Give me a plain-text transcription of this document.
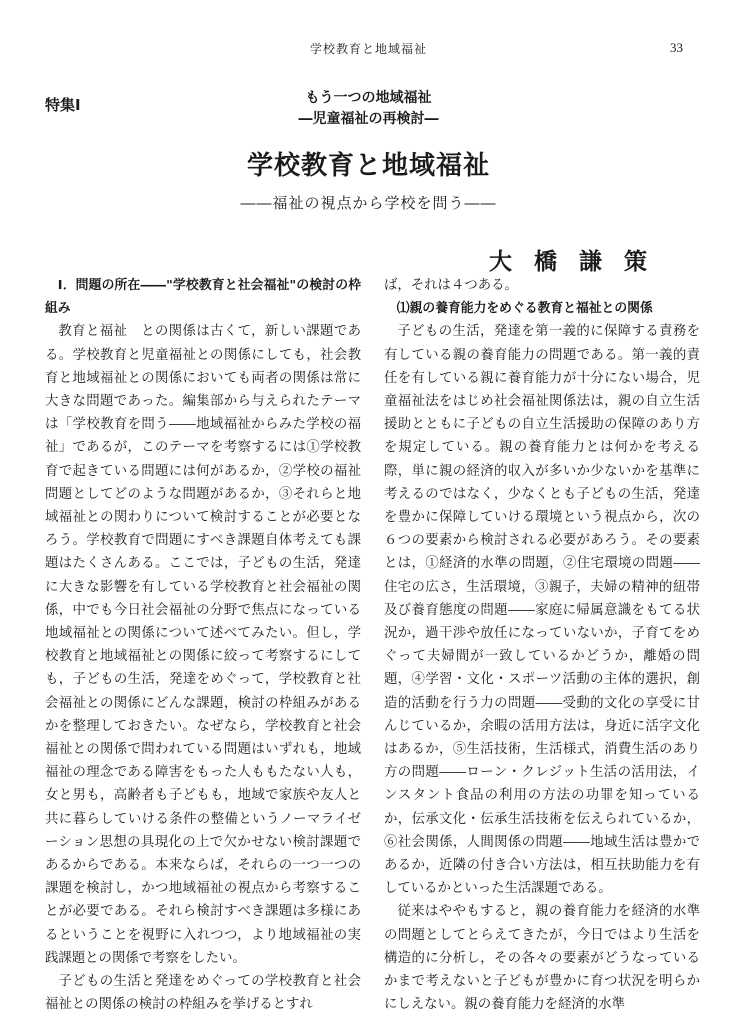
学校教育と地域福祉	33
特集Ⅰ	もう一つの地域福祉
―児童福祉の再検討―
学校教育と地域福祉
――福祉の視点から学校を問う――
大橋謙策

Ⅰ．問題の所在――"学校教育と社会福祉"の検討の枠組み

教育と福祉　との関係は古くて，新しい課題である。学校教育と児童福祉との関係にしても，社会教育と地域福祉との関係においても両者の関係は常に大きな問題であった。編集部から与えられたテーマは「学校教育を問う――地域福祉からみた学校の福祉」であるが，このテーマを考察するには①学校教育で起きている問題には何があるか，②学校の福祉問題としてどのような問題があるか，③それらと地域福祉との関わりについて検討することが必要となろう。学校教育で問題にすべき課題自体考えても課題はたくさんある。ここでは，子どもの生活，発達に大きな影響を有している学校教育と社会福祉の関係，中でも今日社会福祉の分野で焦点になっている地域福祉との関係について述べてみたい。但し，学校教育と地域福祉との関係に絞って考察するにしても，子どもの生活，発達をめぐって，学校教育と社会福祉との関係にどんな課題，検討の枠組みがあるかを整理しておきたい。なぜなら，学校教育と社会福祉との関係で問われている問題はいずれも，地域福祉の理念である障害をもった人ももたない人も，女と男も，高齢者も子どもも，地域で家族や友人と共に暮らしていける条件の整備というノーマライゼーション思想の具現化の上で欠かせない検討課題であるからである。本来ならば，それらの一つ一つの課題を検討し，かつ地域福祉の視点から考察することが必要である。それら検討すべき課題は多様にあるということを視野に入れつつ，より地域福祉の実践課題との関係で考察をしたい。

子どもの生活と発達をめぐっての学校教育と社会福祉との関係の検討の枠組みを挙げるとすれ

ば，それは４つある。

⑴親の養育能力をめぐる教育と福祉との関係

子どもの生活，発達を第一義的に保障する責務を有している親の養育能力の問題である。第一義的責任を有している親に養育能力が十分にない場合，児童福祉法をはじめ社会福祉関係法は，親の自立生活援助とともに子どもの自立生活援助の保障のあり方を規定している。親の養育能力とは何かを考える際，単に親の経済的収入が多いか少ないかを基準に考えるのではなく，少なくとも子どもの生活，発達を豊かに保障していける環境という視点から，次の６つの要素から検討される必要があろう。その要素とは，①経済的水準の問題，②住宅環境の問題――住宅の広さ，生活環境，③親子，夫婦の精神的紐帯及び養育態度の問題――家庭に帰属意識をもてる状況か，過干渉や放任になっていないか，子育てをめぐって夫婦間が一致しているかどうか，離婚の問題，④学習・文化・スポーツ活動の主体的選択，創造的活動を行う力の問題――受動的文化の享受に甘んじているか，余暇の活用方法は，身近に活字文化はあるか，⑤生活技術，生活様式，消費生活のあり方の問題――ローン・クレジット生活の活用法，インスタント食品の利用の方法の功罪を知っているか，伝承文化・伝承生活技術を伝えられているか，⑥社会関係，人間関係の問題――地域生活は豊かであるか，近隣の付き合い方法は，相互扶助能力を有しているかといった生活課題である。

従来はややもすると，親の養育能力を経済的水準の問題としてとらえてきたが，今日ではより生活を構造的に分析し，その各々の要素がどうなっているかまで考えないと子どもが豊かに育つ状況を明らかにしえない。親の養育能力を経済的水準
